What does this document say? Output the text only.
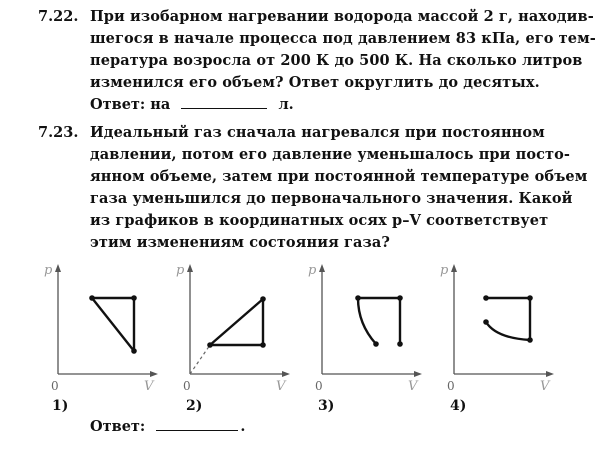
7.22. При изобарном нагревании водорода массой 2 г, находив-
шегося в начале процесса под давлением 83 кПа, его тем-
пература возросла от 200 К до 500 К. На сколько литров
изменился его объем? Ответ округлить до десятых.
Ответ: на	л.
7.23. Идеальный газ сначала нагревался при постоянном
давлении, потом его давление уменьшалось при посто-
янном объеме, затем при постоянной температуре объем
газа уменьшился до первоначального значения. Какой
из графиков в координатных осях p–V соответствует
этим изменениям состояния газа?
p
V
0
p
V
0
p
V
0
p
V
0
1)	2)	3)	4)
Ответ:	.
